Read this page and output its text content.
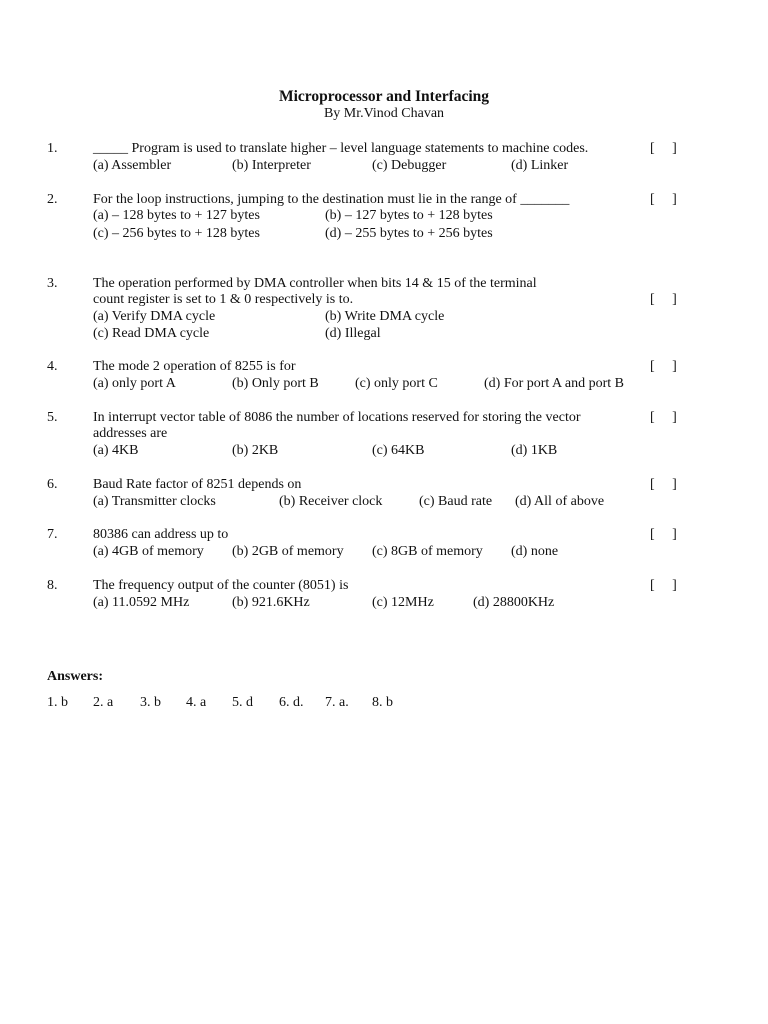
Microprocessor and Interfacing
By Mr.Vinod Chavan
1.	_____ Program is used to translate higher – level language statements to machine codes.	[     ]
(a) Assembler	(b) Interpreter	(c) Debugger	(d) Linker
2.	For the loop instructions, jumping to the destination must lie in the range of _______	[     ]
(a) – 128 bytes to + 127 bytes	(b) – 127 bytes to + 128 bytes
(c) – 256 bytes to + 128 bytes	(d) – 255 bytes to + 256 bytes
3.	The operation performed by DMA controller when bits 14 & 15 of the terminal
count register is set to 1 & 0 respectively is to.	[     ]
(a) Verify DMA cycle	(b) Write DMA cycle
(c) Read DMA cycle	(d) Illegal
4.	The mode 2 operation of 8255 is for	[     ]
(a) only port A	(b) Only port B	(c) only port C	(d) For port A and port B
5.	In interrupt vector table of 8086 the number of locations reserved for storing the vector	[     ]
addresses are
(a) 4KB	(b) 2KB	(c) 64KB	(d) 1KB
6.	Baud Rate factor of 8251 depends on	[     ]
(a) Transmitter clocks	(b) Receiver clock	(c) Baud rate (d) All of above
7.	80386 can address up to	[     ]
(a) 4GB of memory (b) 2GB of memory (c) 8GB of memory (d) none
8.	The frequency output of the counter (8051) is	[     ]
(a) 11.0592 MHz	(b) 921.6KHz	(c) 12MHz	(d) 28800KHz
Answers:
1. b 2. a 3. b 4. a 5. d 6. d. 7. a. 8. b
